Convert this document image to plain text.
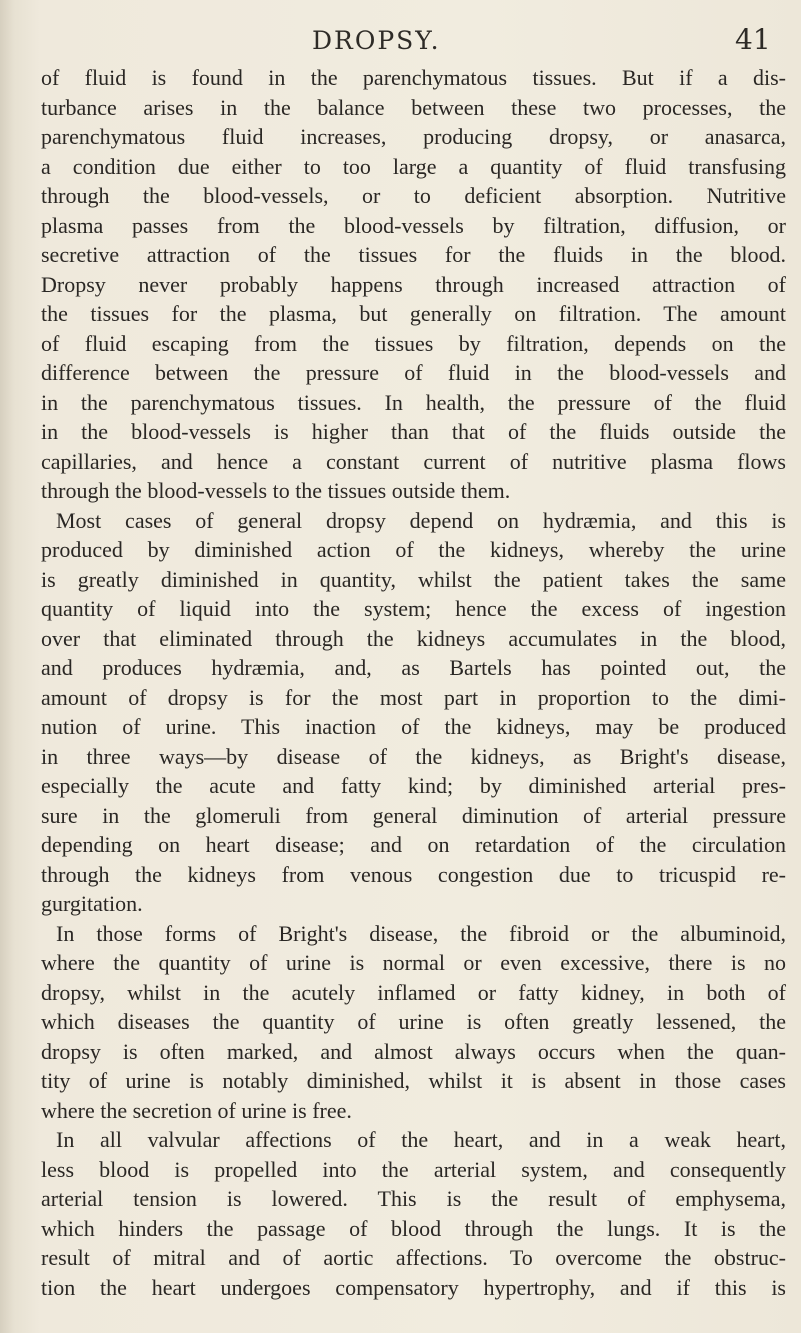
DROPSY.	41
of fluid is found in the parenchymatous tissues. But if a dis-
turbance arises in the balance between these two processes, the
parenchymatous fluid increases, producing dropsy, or anasarca,
a condition due either to too large a quantity of fluid transfusing
through the blood-vessels, or to deficient absorption. Nutritive
plasma passes from the blood-vessels by filtration, diffusion, or
secretive attraction of the tissues for the fluids in the blood.
Dropsy never probably happens through increased attraction of
the tissues for the plasma, but generally on filtration. The amount
of fluid escaping from the tissues by filtration, depends on the
difference between the pressure of fluid in the blood-vessels and
in the parenchymatous tissues. In health, the pressure of the fluid
in the blood-vessels is higher than that of the fluids outside the
capillaries, and hence a constant current of nutritive plasma flows
through the blood-vessels to the tissues outside them.
Most cases of general dropsy depend on hydræmia, and this is
produced by diminished action of the kidneys, whereby the urine
is greatly diminished in quantity, whilst the patient takes the same
quantity of liquid into the system; hence the excess of ingestion
over that eliminated through the kidneys accumulates in the blood,
and produces hydræmia, and, as Bartels has pointed out, the
amount of dropsy is for the most part in proportion to the dimi-
nution of urine. This inaction of the kidneys, may be produced
in three ways—by disease of the kidneys, as Bright's disease,
especially the acute and fatty kind; by diminished arterial pres-
sure in the glomeruli from general diminution of arterial pressure
depending on heart disease; and on retardation of the circulation
through the kidneys from venous congestion due to tricuspid re-
gurgitation.
In those forms of Bright's disease, the fibroid or the albuminoid,
where the quantity of urine is normal or even excessive, there is no
dropsy, whilst in the acutely inflamed or fatty kidney, in both of
which diseases the quantity of urine is often greatly lessened, the
dropsy is often marked, and almost always occurs when the quan-
tity of urine is notably diminished, whilst it is absent in those cases
where the secretion of urine is free.
In all valvular affections of the heart, and in a weak heart,
less blood is propelled into the arterial system, and consequently
arterial tension is lowered. This is the result of emphysema,
which hinders the passage of blood through the lungs. It is the
result of mitral and of aortic affections. To overcome the obstruc-
tion the heart undergoes compensatory hypertrophy, and if this is
